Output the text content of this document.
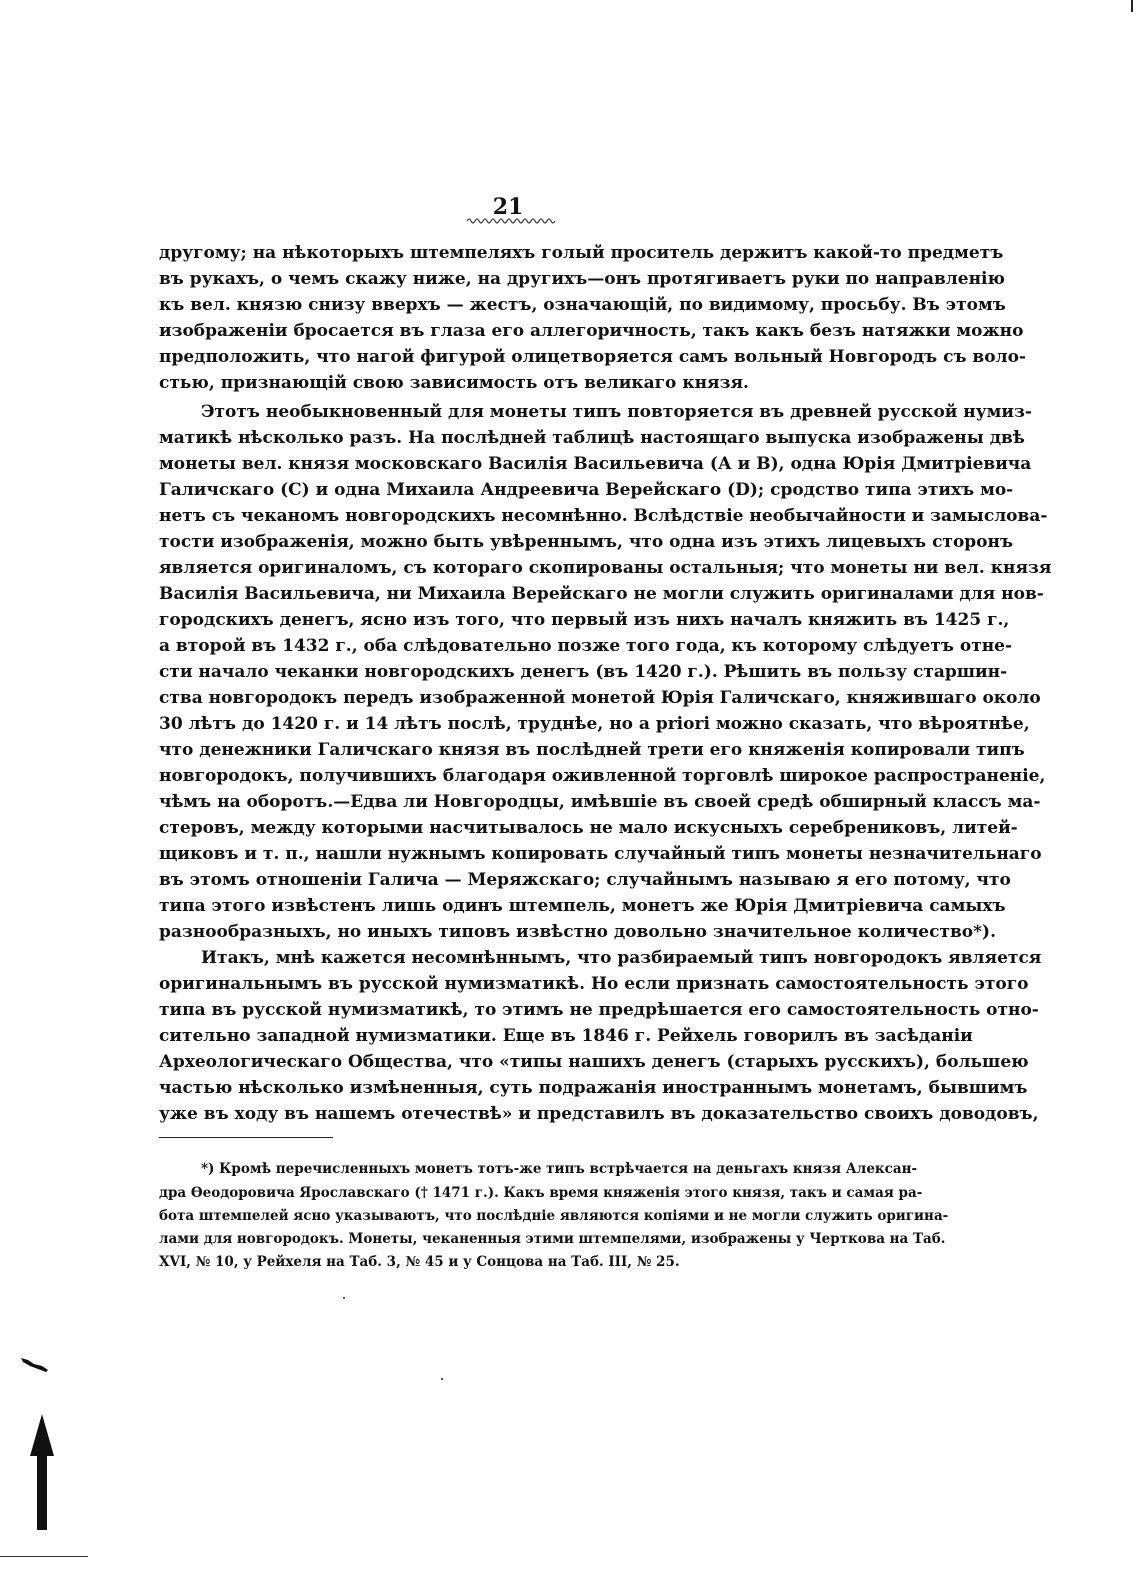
21

другому; на нѣкоторыхъ штемпеляхъ голый проситель держитъ какой-то предметъ

въ рукахъ, о чемъ скажу ниже, на другихъ—онъ протягиваетъ руки по направленію

къ вел. князю снизу вверхъ — жестъ, означающій, по видимому, просьбу. Въ этомъ

изображеніи бросается въ глаза его аллегоричность, такъ какъ безъ натяжки можно

предположить, что нагой фигурой олицетворяется самъ вольный Новгородъ съ воло-

стью, признающій свою зависимость отъ великаго князя.

Этотъ необыкновенный для монеты типъ повторяется въ древней русской нумиз-

матикѣ нѣсколько разъ. На послѣдней таблицѣ настоящаго выпуска изображены двѣ

монеты вел. князя московскаго Василія Васильевича (А и В), одна Юрія Дмитріевича

Галичскаго (С) и одна Михаила Андреевича Верейскаго (D); сродство типа этихъ мо-

нетъ съ чеканомъ новгородскихъ несомнѣнно. Вслѣдствіе необычайности и замысловa-

тости изображенія, можно быть увѣреннымъ, что одна изъ этихъ лицевыхъ сторонъ

является оригиналомъ, съ котораго скопированы остальныя; что монеты ни вел. князя

Василія Васильевича, ни Михаила Верейскаго не могли служить оригиналами для нов-

городскихъ денегъ, ясно изъ того, что первый изъ нихъ началъ княжить въ 1425 г.,

а второй въ 1432 г., оба слѣдовательно позже того года, къ которому слѣдуетъ отне-

сти начало чеканки новгородскихъ денегъ (въ 1420 г.). Рѣшить въ пользу старшин-

ства новгородокъ передъ изображенной монетой Юрія Галичскаго, княжившаго около

30 лѣтъ до 1420 г. и 14 лѣтъ послѣ, труднѣе, но a priori можно сказать, что вѣроятнѣе,

что денежники Галичскаго князя въ послѣдней трети его княженія копировали типъ

новгородокъ, получившихъ благодаря оживленной торговлѣ широкое распространеніе,

чѣмъ на оборотъ.—Едва ли Новгородцы, имѣвшіе въ своей средѣ обширный классъ ма-

стеровъ, между которыми насчитывалось не мало искусныхъ серебрениковъ, литей-

щиковъ и т. п., нашли нужнымъ копировать случайный типъ монеты незначительнаго

въ этомъ отношеніи Галича — Меряжскаго; случайнымъ называю я его потому, что

типа этого извѣстенъ лишь одинъ штемпель, монетъ же Юрія Дмитріевича самыхъ

разнообразныхъ, но иныхъ типовъ извѣстно довольно значительное количество*).

Итакъ, мнѣ кажется несомнѣннымъ, что разбираемый типъ новгородокъ является

оригинальнымъ въ русской нумизматикѣ. Но если признать самостоятельность этого

типа въ русской нумизматикѣ, то этимъ не предрѣшается его самостоятельность отно-

сительно западной нумизматики. Еще въ 1846 г. Рейхель говорилъ въ засѣданіи

Археологическаго Общества, что «типы нашихъ денегъ (старыхъ русскихъ), большею

частью нѣсколько измѣненныя, суть подражанія иностраннымъ монетамъ, бывшимъ

уже въ ходу въ нашемъ отечествѣ» и представилъ въ доказательство своихъ доводовъ,

*) Кромѣ перечисленныхъ монетъ тотъ-же типъ встрѣчается на деньгахъ князя Алексан-

дра Өеодоровича Ярославскаго († 1471 г.). Какъ время княженія этого князя, такъ и самая ра-

бота штемпелей ясно указываютъ, что послѣдніе являются копіями и не могли служить оригина-

лами для новгородокъ. Монеты, чеканенныя этими штемпелями, изображены у Черткова на Таб.

XVI, № 10, у Рейхеля на Таб. 3, № 45 и у Сонцова на Таб. III, № 25.
